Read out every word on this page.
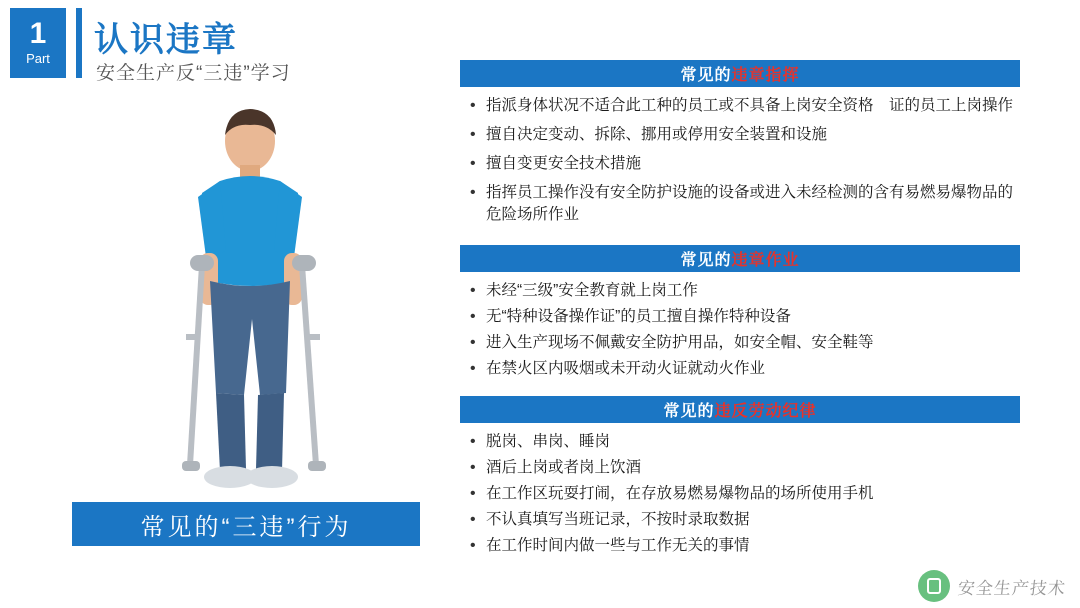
1
Part 认识违章
安全生产反“三违”学习
常见的“三违”行为
常见的 违章指挥
• 指派身体状况不适合此工种的员工或不具备上岗安全资格　证的员工上岗操作
• 擅自决定变动、拆除、挪用或停用安全装置和设施
• 擅自变更安全技术措施
• 指挥员工操作没有安全防护设施的设备或进入未经检测的含有易燃易爆物品的危险场所作业
常见的 违章作业
• 未经“三级”安全教育就上岗工作
• 无“特种设备操作证”的员工擅自操作特种设备
• 进入生产现场不佩戴安全防护用品，如安全帽、安全鞋等
• 在禁火区内吸烟或未开动火证就动火作业
常见的 违反劳动纪律
• 脱岗、串岗、睡岗
• 酒后上岗或者岗上饮酒
• 在工作区玩耍打闹，在存放易燃易爆物品的场所使用手机
• 不认真填写当班记录，不按时录取数据
• 在工作时间内做一些与工作无关的事情
安全生产技术
